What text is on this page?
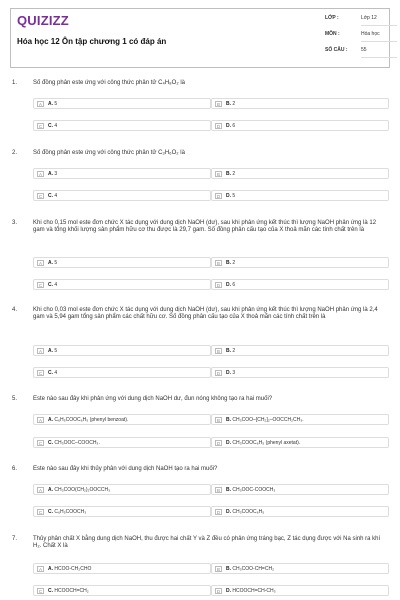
QUIZIZZ
Hóa học 12 Ôn tập chương 1 có đáp án
LỚP :	Lớp 12
MÔN :	Hóa học
SỐ CÂU :	55
1.	Số đồng phân este ứng với công thức phân tử C₄H₈O₂ là
A	A. 5	B	B. 2
C	C. 4	D	D. 6
2.	Số đồng phân este ứng với công thức phân tử C₃H₆O₂ là
A	A. 3	B	B. 2
C	C. 4	D	D. 5
3.	Khi cho 0,15 mol este đơn chức X tác dụng với dung dịch NaOH (dư), sau khi phản ứng kết thúc thì lượng NaOH phản ứng là 12 gam và tổng khối lượng sản phẩm hữu cơ thu được là 29,7 gam. Số đồng phân cấu tạo của X thoả mãn các tính chất trên là
A	A. 5	B	B. 2
C	C. 4	D	D. 6
4.	Khi cho 0,03 mol este đơn chức X tác dụng với dung dịch NaOH (dư), sau khi phản ứng kết thúc thì lượng NaOH phản ứng là 2,4 gam và 5,94 gam tổng sản phẩm các chất hữu cơ. Số đồng phân cấu tạo của X thoả mãn các tính chất trên là
A	A. 5	B	B. 2
C	C. 4	D	D. 3
5.	Este nào sau đây khi phản ứng với dung dịch NaOH dư, đun nóng không tạo ra hai muối?
A	A. C₆H₅COOC₆H₅ (phenyl benzoat).	B	B. CH₃COO–[CH₂]₂–OOCCH₂CH₃.
C	C. CH₃OOC–COOCH₃.	D	D. CH₃COOC₆H₅ (phenyl axetat).
6.	Este nào sau đây khi thủy phân với dung dịch NaOH tạo ra hai muối?
A	A. CH₃COO(CH₂)₂OOCCH₃	B	B. CH₃OOC-COOCH₃
C	C. C₆H₅COOCH₃	D	D. CH₃COOC₆H₅
7.	Thủy phân chất X bằng dung dịch NaOH, thu được hai chất Y và Z đều có phản ứng tráng bạc, Z tác dụng được với Na sinh ra khí H₂. Chất X là
A	A. HCOO-CH₂CHO	B	B. CH₃COO-CH=CH₂
C	C. HCOOCH=CH₂	D	D. HCOOCH=CH-CH₃
